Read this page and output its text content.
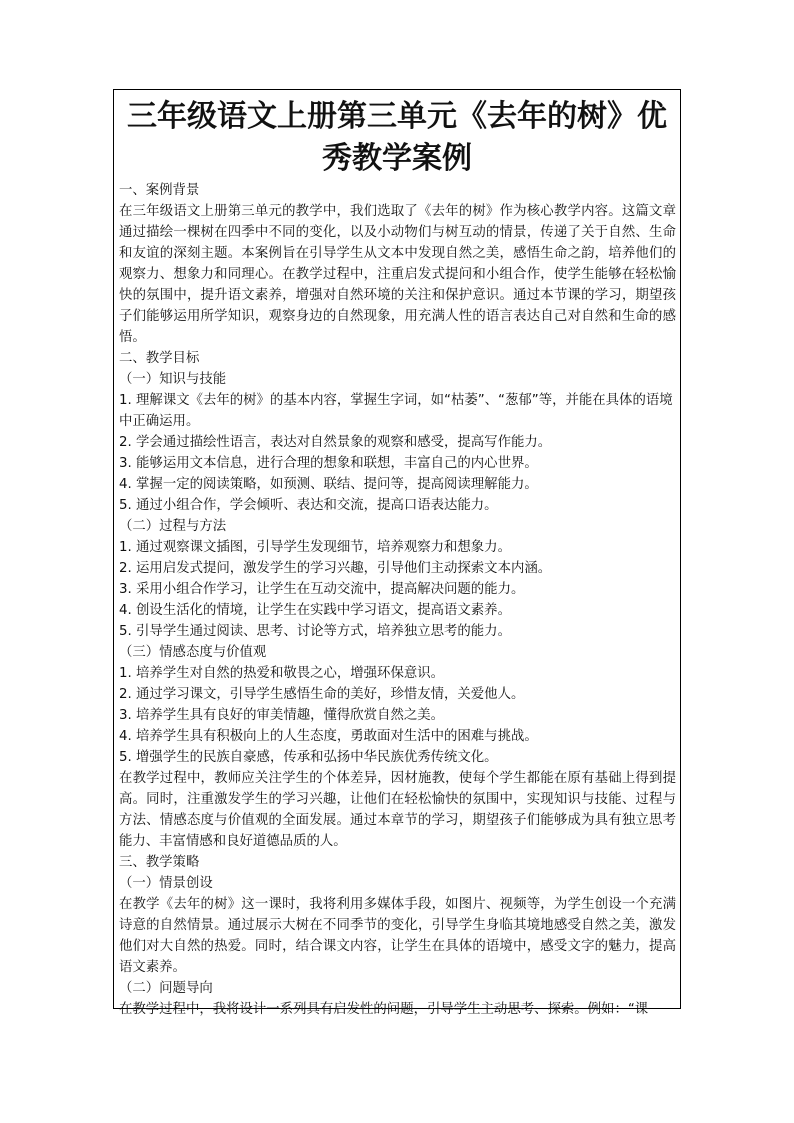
三年级语文上册第三单元《去年的树》优秀教学案例
一、案例背景
在三年级语文上册第三单元的教学中，我们选取了《去年的树》作为核心教学内容。这篇文章通过描绘一棵树在四季中不同的变化，以及小动物们与树互动的情景，传递了关于自然、生命和友谊的深刻主题。本案例旨在引导学生从文本中发现自然之美，感悟生命之韵，培养他们的观察力、想象力和同理心。在教学过程中，注重启发式提问和小组合作，使学生能够在轻松愉快的氛围中，提升语文素养，增强对自然环境的关注和保护意识。通过本节课的学习，期望孩子们能够运用所学知识，观察身边的自然现象，用充满人性的语言表达自己对自然和生命的感悟。
二、教学目标
（一）知识与技能
1. 理解课文《去年的树》的基本内容，掌握生字词，如“枯萎”、“葱郁”等，并能在具体的语境中正确运用。
2. 学会通过描绘性语言，表达对自然景象的观察和感受，提高写作能力。
3. 能够运用文本信息，进行合理的想象和联想，丰富自己的内心世界。
4. 掌握一定的阅读策略，如预测、联结、提问等，提高阅读理解能力。
5. 通过小组合作，学会倾听、表达和交流，提高口语表达能力。
（二）过程与方法
1. 通过观察课文插图，引导学生发现细节，培养观察力和想象力。
2. 运用启发式提问，激发学生的学习兴趣，引导他们主动探索文本内涵。
3. 采用小组合作学习，让学生在互动交流中，提高解决问题的能力。
4. 创设生活化的情境，让学生在实践中学习语文，提高语文素养。
5. 引导学生通过阅读、思考、讨论等方式，培养独立思考的能力。
（三）情感态度与价值观
1. 培养学生对自然的热爱和敬畏之心，增强环保意识。
2. 通过学习课文，引导学生感悟生命的美好，珍惜友情，关爱他人。
3. 培养学生具有良好的审美情趣，懂得欣赏自然之美。
4. 培养学生具有积极向上的人生态度，勇敢面对生活中的困难与挑战。
5. 增强学生的民族自豪感，传承和弘扬中华民族优秀传统文化。
在教学过程中，教师应关注学生的个体差异，因材施教，使每个学生都能在原有基础上得到提高。同时，注重激发学生的学习兴趣，让他们在轻松愉快的氛围中，实现知识与技能、过程与方法、情感态度与价值观的全面发展。通过本章节的学习，期望孩子们能够成为具有独立思考能力、丰富情感和良好道德品质的人。
三、教学策略
（一）情景创设
在教学《去年的树》这一课时，我将利用多媒体手段，如图片、视频等，为学生创设一个充满诗意的自然情景。通过展示大树在不同季节的变化，引导学生身临其境地感受自然之美，激发他们对大自然的热爱。同时，结合课文内容，让学生在具体的语境中，感受文字的魅力，提高语文素养。
（二）问题导向
在教学过程中，我将设计一系列具有启发性的问题，引导学生主动思考、探索。例如：“课
